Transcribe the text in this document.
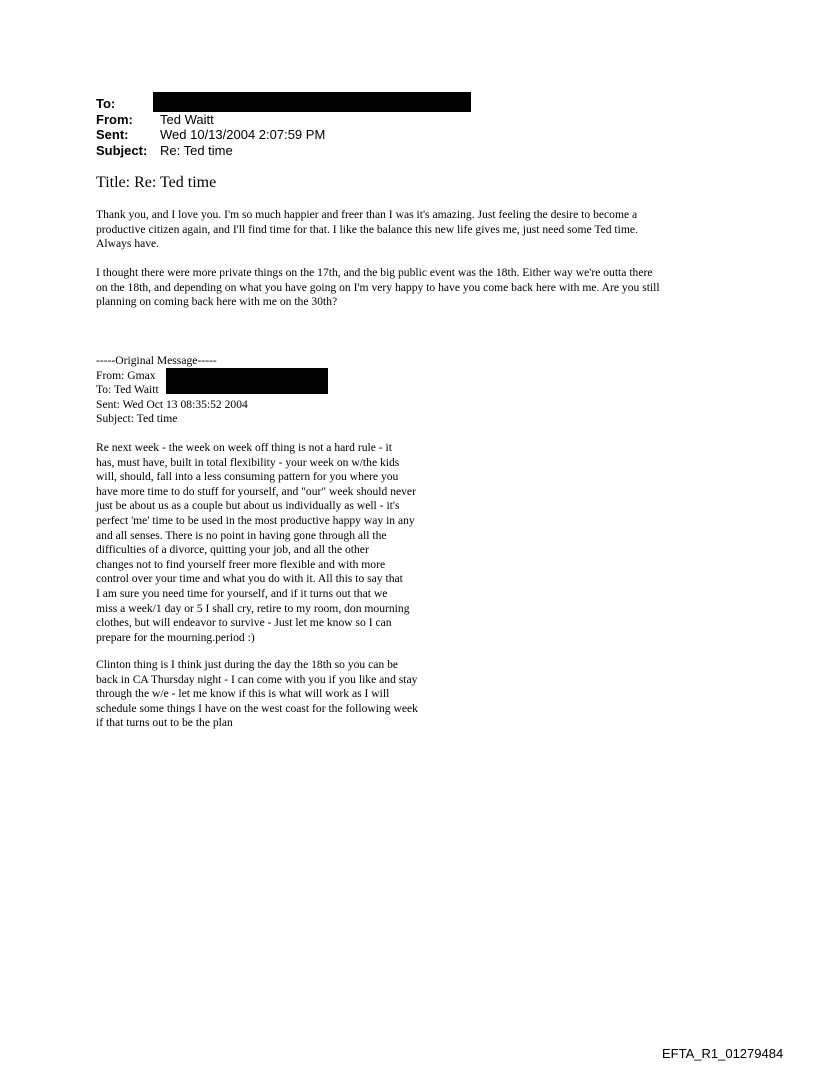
To:
From:	Ted Waitt
Sent:	Wed 10/13/2004 2:07:59 PM
Subject: Re: Ted time
Title: Re: Ted time
Thank you, and I love you. I'm so much happier and freer than I was it's amazing. Just feeling the desire to become a
productive citizen again, and I'll find time for that. I like the balance this new life gives me, just need some Ted time.
Always have.
I thought there were more private things on the 17th, and the big public event was the 18th. Either way we're outta there
on the 18th, and depending on what you have going on I'm very happy to have you come back here with me. Are you still
planning on coming back here with me on the 30th?
-----Original Message-----
From: Gmax
To: Ted Waitt
Sent: Wed Oct 13 08:35:52 2004
Subject: Ted time
Re next week - the week on week off thing is not a hard rule - it
has, must have, built in total flexibility - your week on w/the kids
will, should, fall into a less consuming pattern for you where you
have more time to do stuff for yourself, and "our" week should never
just be about us as a couple but about us individually as well - it's
perfect 'me' time to be used in the most productive happy way in any
and all senses. There is no point in having gone through all the
difficulties of a divorce, quitting your job, and all the other
changes not to find yourself freer more flexible and with more
control over your time and what you do with it. All this to say that
I am sure you need time for yourself, and if it turns out that we
miss a week/1 day or 5 I shall cry, retire to my room, don mourning
clothes, but will endeavor to survive - Just let me know so I can
prepare for the mourning.period :)
Clinton thing is I think just during the day the 18th so you can be
back in CA Thursday night - I can come with you if you like and stay
through the w/e - let me know if this is what will work as I will
schedule some things I have on the west coast for the following week
if that turns out to be the plan
EFTA_R1_01279484
